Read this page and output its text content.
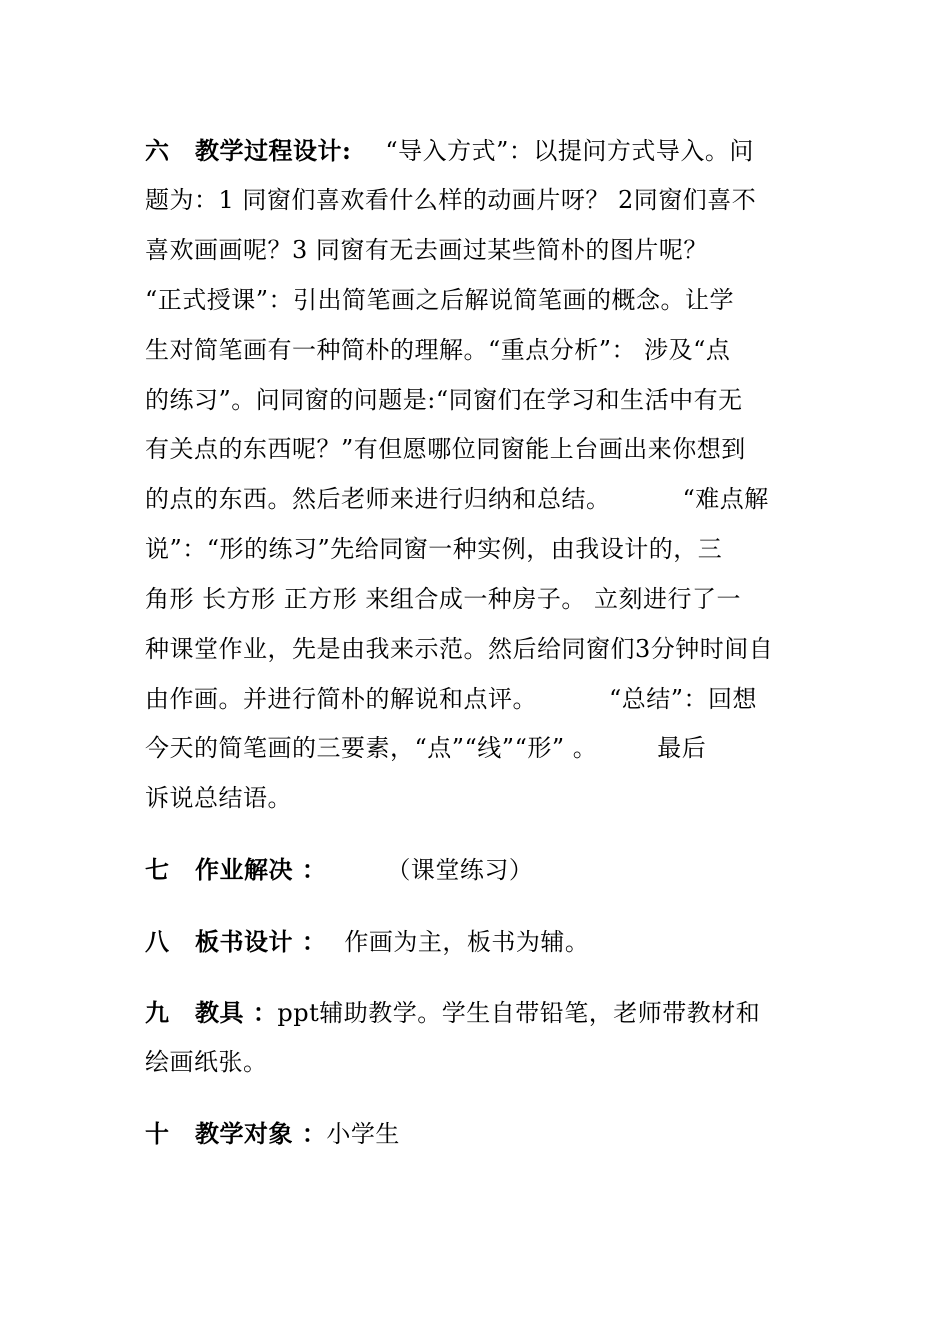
六 教学过程设计: “导入方式”：以提问方式导入。问
题为：1 同窗们喜欢看什么样的动画片呀？ 2同窗们喜不
喜欢画画呢？3 同窗有无去画过某些简朴的图片呢？
“正式授课”：引出简笔画之后解说简笔画的概念。让学
生对简笔画有一种简朴的理解。“重点分析”： 涉及“点
的练习”。问同窗的问题是:“同窗们在学习和生活中有无
有关点的东西呢？”有但愿哪位同窗能上台画出来你想到
的点的东西。然后老师来进行归纳和总结。	“难点解
说”：“形的练习”先给同窗一种实例，由我设计的，三
角形 长方形 正方形 来组合成一种房子。 立刻进行了一
种课堂作业，先是由我来示范。然后给同窗们3分钟时间自
由作画。并进行简朴的解说和点评。	“总结”：回想
今天的简笔画的三要素，“点”“线”“形” 。	最后
诉说总结语。
七 作业解决 ：	（课堂练习）
八 板书设计 ： 作画为主，板书为辅。
九 教具 ：ppt辅助教学。学生自带铅笔，老师带教材和
绘画纸张。
十 教学对象 ：小学生
